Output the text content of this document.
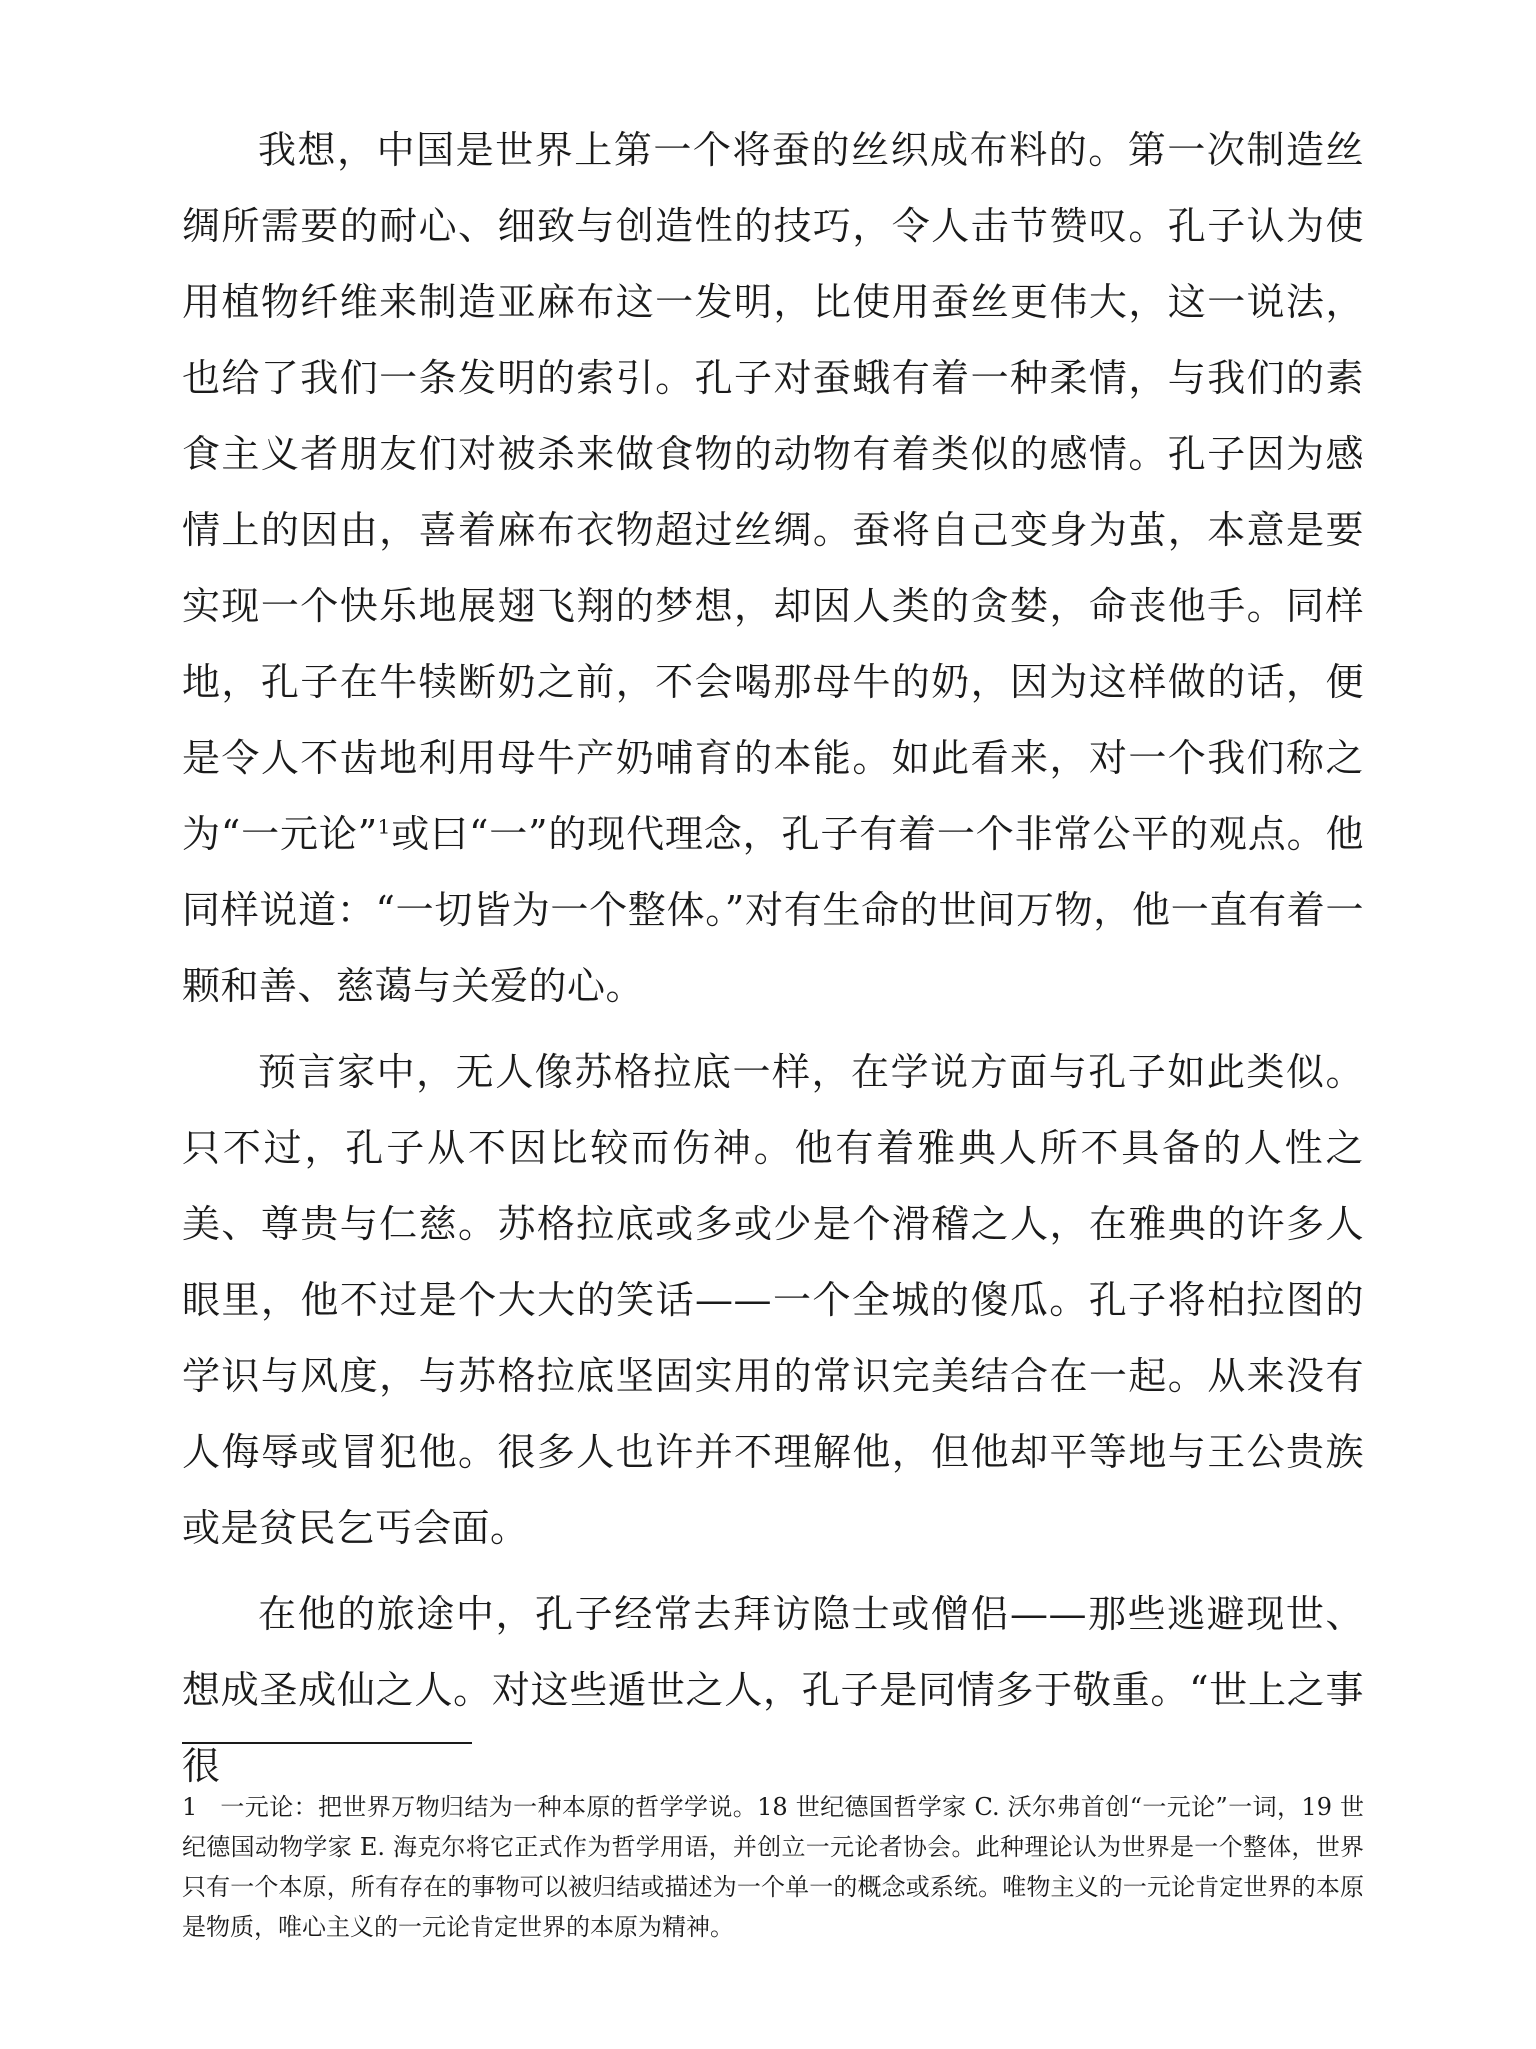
我想，中国是世界上第一个将蚕的丝织成布料的。第一次制造丝绸所需要的耐心、细致与创造性的技巧，令人击节赞叹。孔子认为使用植物纤维来制造亚麻布这一发明，比使用蚕丝更伟大，这一说法，也给了我们一条发明的索引。孔子对蚕蛾有着一种柔情，与我们的素食主义者朋友们对被杀来做食物的动物有着类似的感情。孔子因为感情上的因由，喜着麻布衣物超过丝绸。蚕将自己变身为茧，本意是要实现一个快乐地展翅飞翔的梦想，却因人类的贪婪，命丧他手。同样地，孔子在牛犊断奶之前，不会喝那母牛的奶，因为这样做的话，便是令人不齿地利用母牛产奶哺育的本能。如此看来，对一个我们称之为“一元论”$^1$或曰“一”的现代理念，孔子有着一个非常公平的观点。他同样说道：“一切皆为一个整体。”对有生命的世间万物，他一直有着一颗和善、慈蔼与关爱的心。

预言家中，无人像苏格拉底一样，在学说方面与孔子如此类似。只不过，孔子从不因比较而伤神。他有着雅典人所不具备的人性之美、尊贵与仁慈。苏格拉底或多或少是个滑稽之人，在雅典的许多人眼里，他不过是个大大的笑话——一个全城的傻瓜。孔子将柏拉图的学识与风度，与苏格拉底坚固实用的常识完美结合在一起。从来没有人侮辱或冒犯他。很多人也许并不理解他，但他却平等地与王公贵族或是贫民乞丐会面。

在他的旅途中，孔子经常去拜访隐士或僧侣——那些逃避现世、想成圣成仙之人。对这些遁世之人，孔子是同情多于敬重。“世上之事很

1 一元论：把世界万物归结为一种本原的哲学学说。18 世纪德国哲学家 C. 沃尔弗首创“一元论”一词，19 世纪德国动物学家 E. 海克尔将它正式作为哲学用语，并创立一元论者协会。此种理论认为世界是一个整体，世界只有一个本原，所有存在的事物可以被归结或描述为一个单一的概念或系统。唯物主义的一元论肯定世界的本原是物质，唯心主义的一元论肯定世界的本原为精神。
